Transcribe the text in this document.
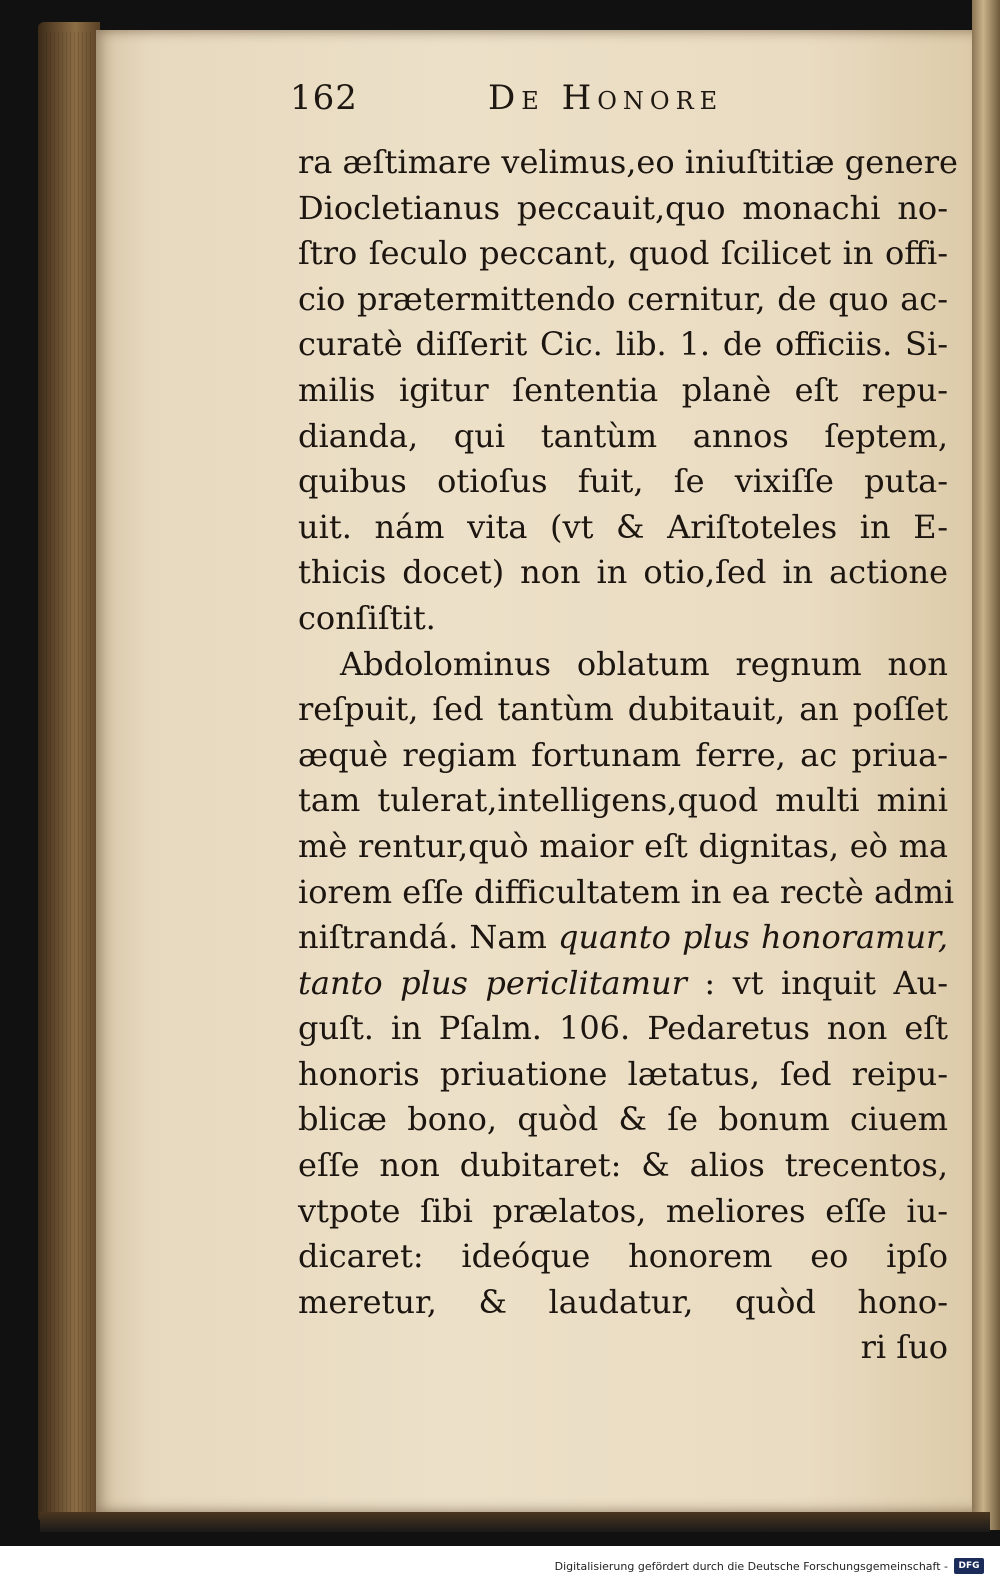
162	De Honore
ra æſtimare velimus,eo iniuſtitiæ genere
Diocletianus peccauit,quo monachi no-
ſtro ſeculo peccant, quod ſcilicet in offi-
cio prætermittendo cernitur, de quo ac-
curatè diſſerit Cic. lib. 1. de officiis. Si-
milis igitur ſententia planè eſt repu-
dianda, qui tantùm annos ſeptem,
quibus otioſus fuit, ſe vixiſſe puta-
uit. nám vita (vt & Ariſtoteles in E-
thicis docet) non in otio,ſed in actione
conſiſtit.
Abdolominus oblatum regnum non
reſpuit, ſed tantùm dubitauit, an poſſet
æquè regiam fortunam ferre, ac priua-
tam tulerat,intelligens,quod multi mini
mè rentur,quò maior eſt dignitas, eò ma
iorem eſſe difficultatem in ea rectè admi
niſtrandá. Nam quanto plus honoramur,
tanto plus periclitamur : vt inquit Au-
guſt. in Pſalm. 106. Pedaretus non eſt
honoris priuatione lætatus, ſed reipu-
blicæ bono, quòd & ſe bonum ciuem
eſſe non dubitaret: & alios trecentos,
vtpote ſibi prælatos, meliores eſſe iu-
dicaret: ideóque honorem eo ipſo
meretur, & laudatur, quòd hono-
ri ſuo
Digitalisierung gefördert durch die Deutsche Forschungsgemeinschaft -	DFG
